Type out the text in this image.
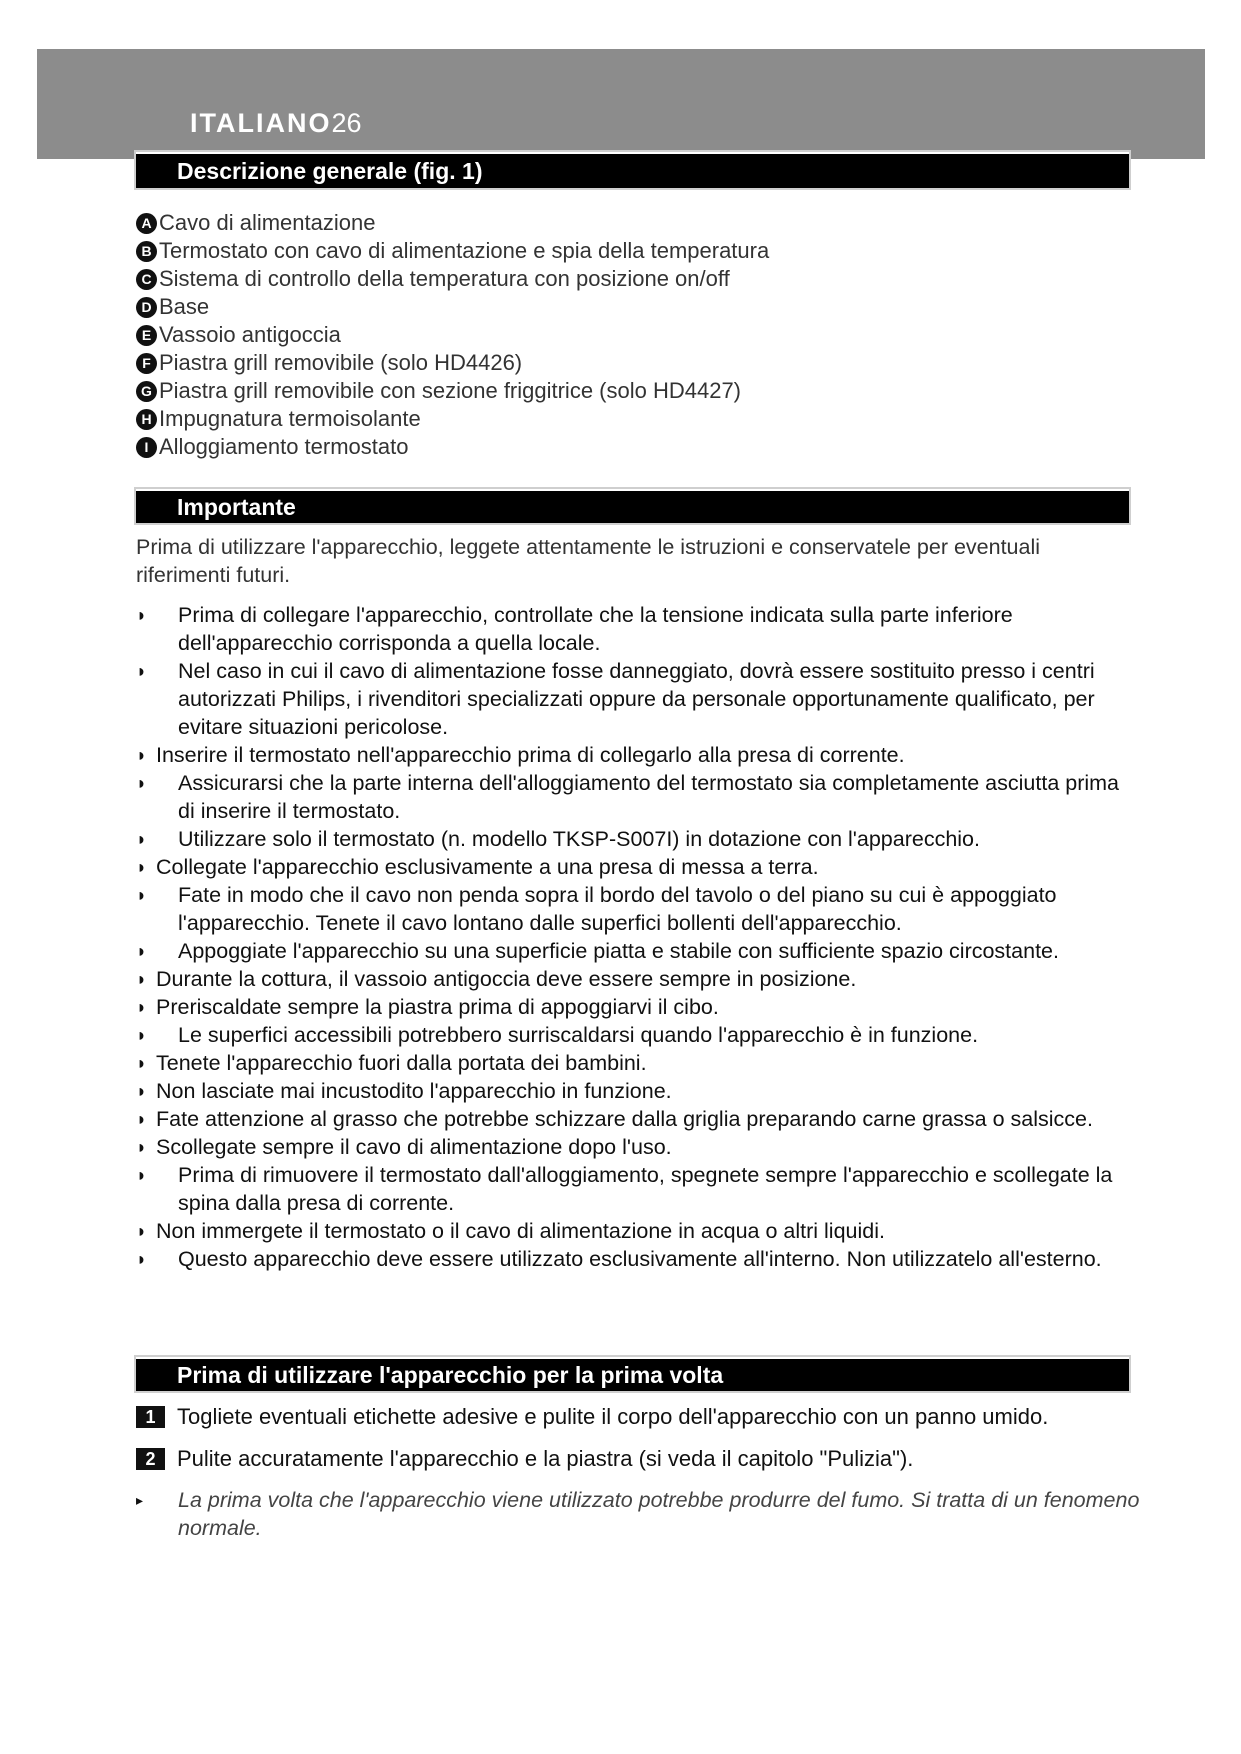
ITALIANO26
Descrizione generale (fig. 1)
A Cavo di alimentazione
B Termostato con cavo di alimentazione e spia della temperatura
C Sistema di controllo della temperatura con posizione on/off
D Base
E Vassoio antigoccia
F Piastra grill removibile (solo HD4426)
G Piastra grill removibile con sezione friggitrice (solo HD4427)
H Impugnatura termoisolante
I Alloggiamento termostato
Importante
Prima di utilizzare l'apparecchio, leggete attentamente le istruzioni e conservatele per eventuali riferimenti futuri.
◗ Prima di collegare l'apparecchio, controllate che la tensione indicata sulla parte inferiore dell'apparecchio corrisponda a quella locale.
◗ Nel caso in cui il cavo di alimentazione fosse danneggiato, dovrà essere sostituito presso i centri autorizzati Philips, i rivenditori specializzati oppure da personale opportunamente qualificato, per evitare situazioni pericolose.
◗ Inserire il termostato nell'apparecchio prima di collegarlo alla presa di corrente.
◗ Assicurarsi che la parte interna dell'alloggiamento del termostato sia completamente asciutta prima di inserire il termostato.
◗ Utilizzare solo il termostato (n. modello TKSP-S007I) in dotazione con l'apparecchio.
◗ Collegate l'apparecchio esclusivamente a una presa di messa a terra.
◗ Fate in modo che il cavo non penda sopra il bordo del tavolo o del piano su cui è appoggiato l'apparecchio. Tenete il cavo lontano dalle superfici bollenti dell'apparecchio.
◗ Appoggiate l'apparecchio su una superficie piatta e stabile con sufficiente spazio circostante.
◗ Durante la cottura, il vassoio antigoccia deve essere sempre in posizione.
◗ Preriscaldate sempre la piastra prima di appoggiarvi il cibo.
◗ Le superfici accessibili potrebbero surriscaldarsi quando l'apparecchio è in funzione.
◗ Tenete l'apparecchio fuori dalla portata dei bambini.
◗ Non lasciate mai incustodito l'apparecchio in funzione.
◗ Fate attenzione al grasso che potrebbe schizzare dalla griglia preparando carne grassa o salsicce.
◗ Scollegate sempre il cavo di alimentazione dopo l'uso.
◗ Prima di rimuovere il termostato dall'alloggiamento, spegnete sempre l'apparecchio e scollegate la spina dalla presa di corrente.
◗ Non immergete il termostato o il cavo di alimentazione in acqua o altri liquidi.
◗ Questo apparecchio deve essere utilizzato esclusivamente all'interno. Non utilizzatelo all'esterno.
Prima di utilizzare l'apparecchio per la prima volta
1 Togliete eventuali etichette adesive e pulite il corpo dell'apparecchio con un panno umido.
2 Pulite accuratamente l'apparecchio e la piastra (si veda il capitolo "Pulizia").
▸ La prima volta che l'apparecchio viene utilizzato potrebbe produrre del fumo. Si tratta di un fenomeno normale.
